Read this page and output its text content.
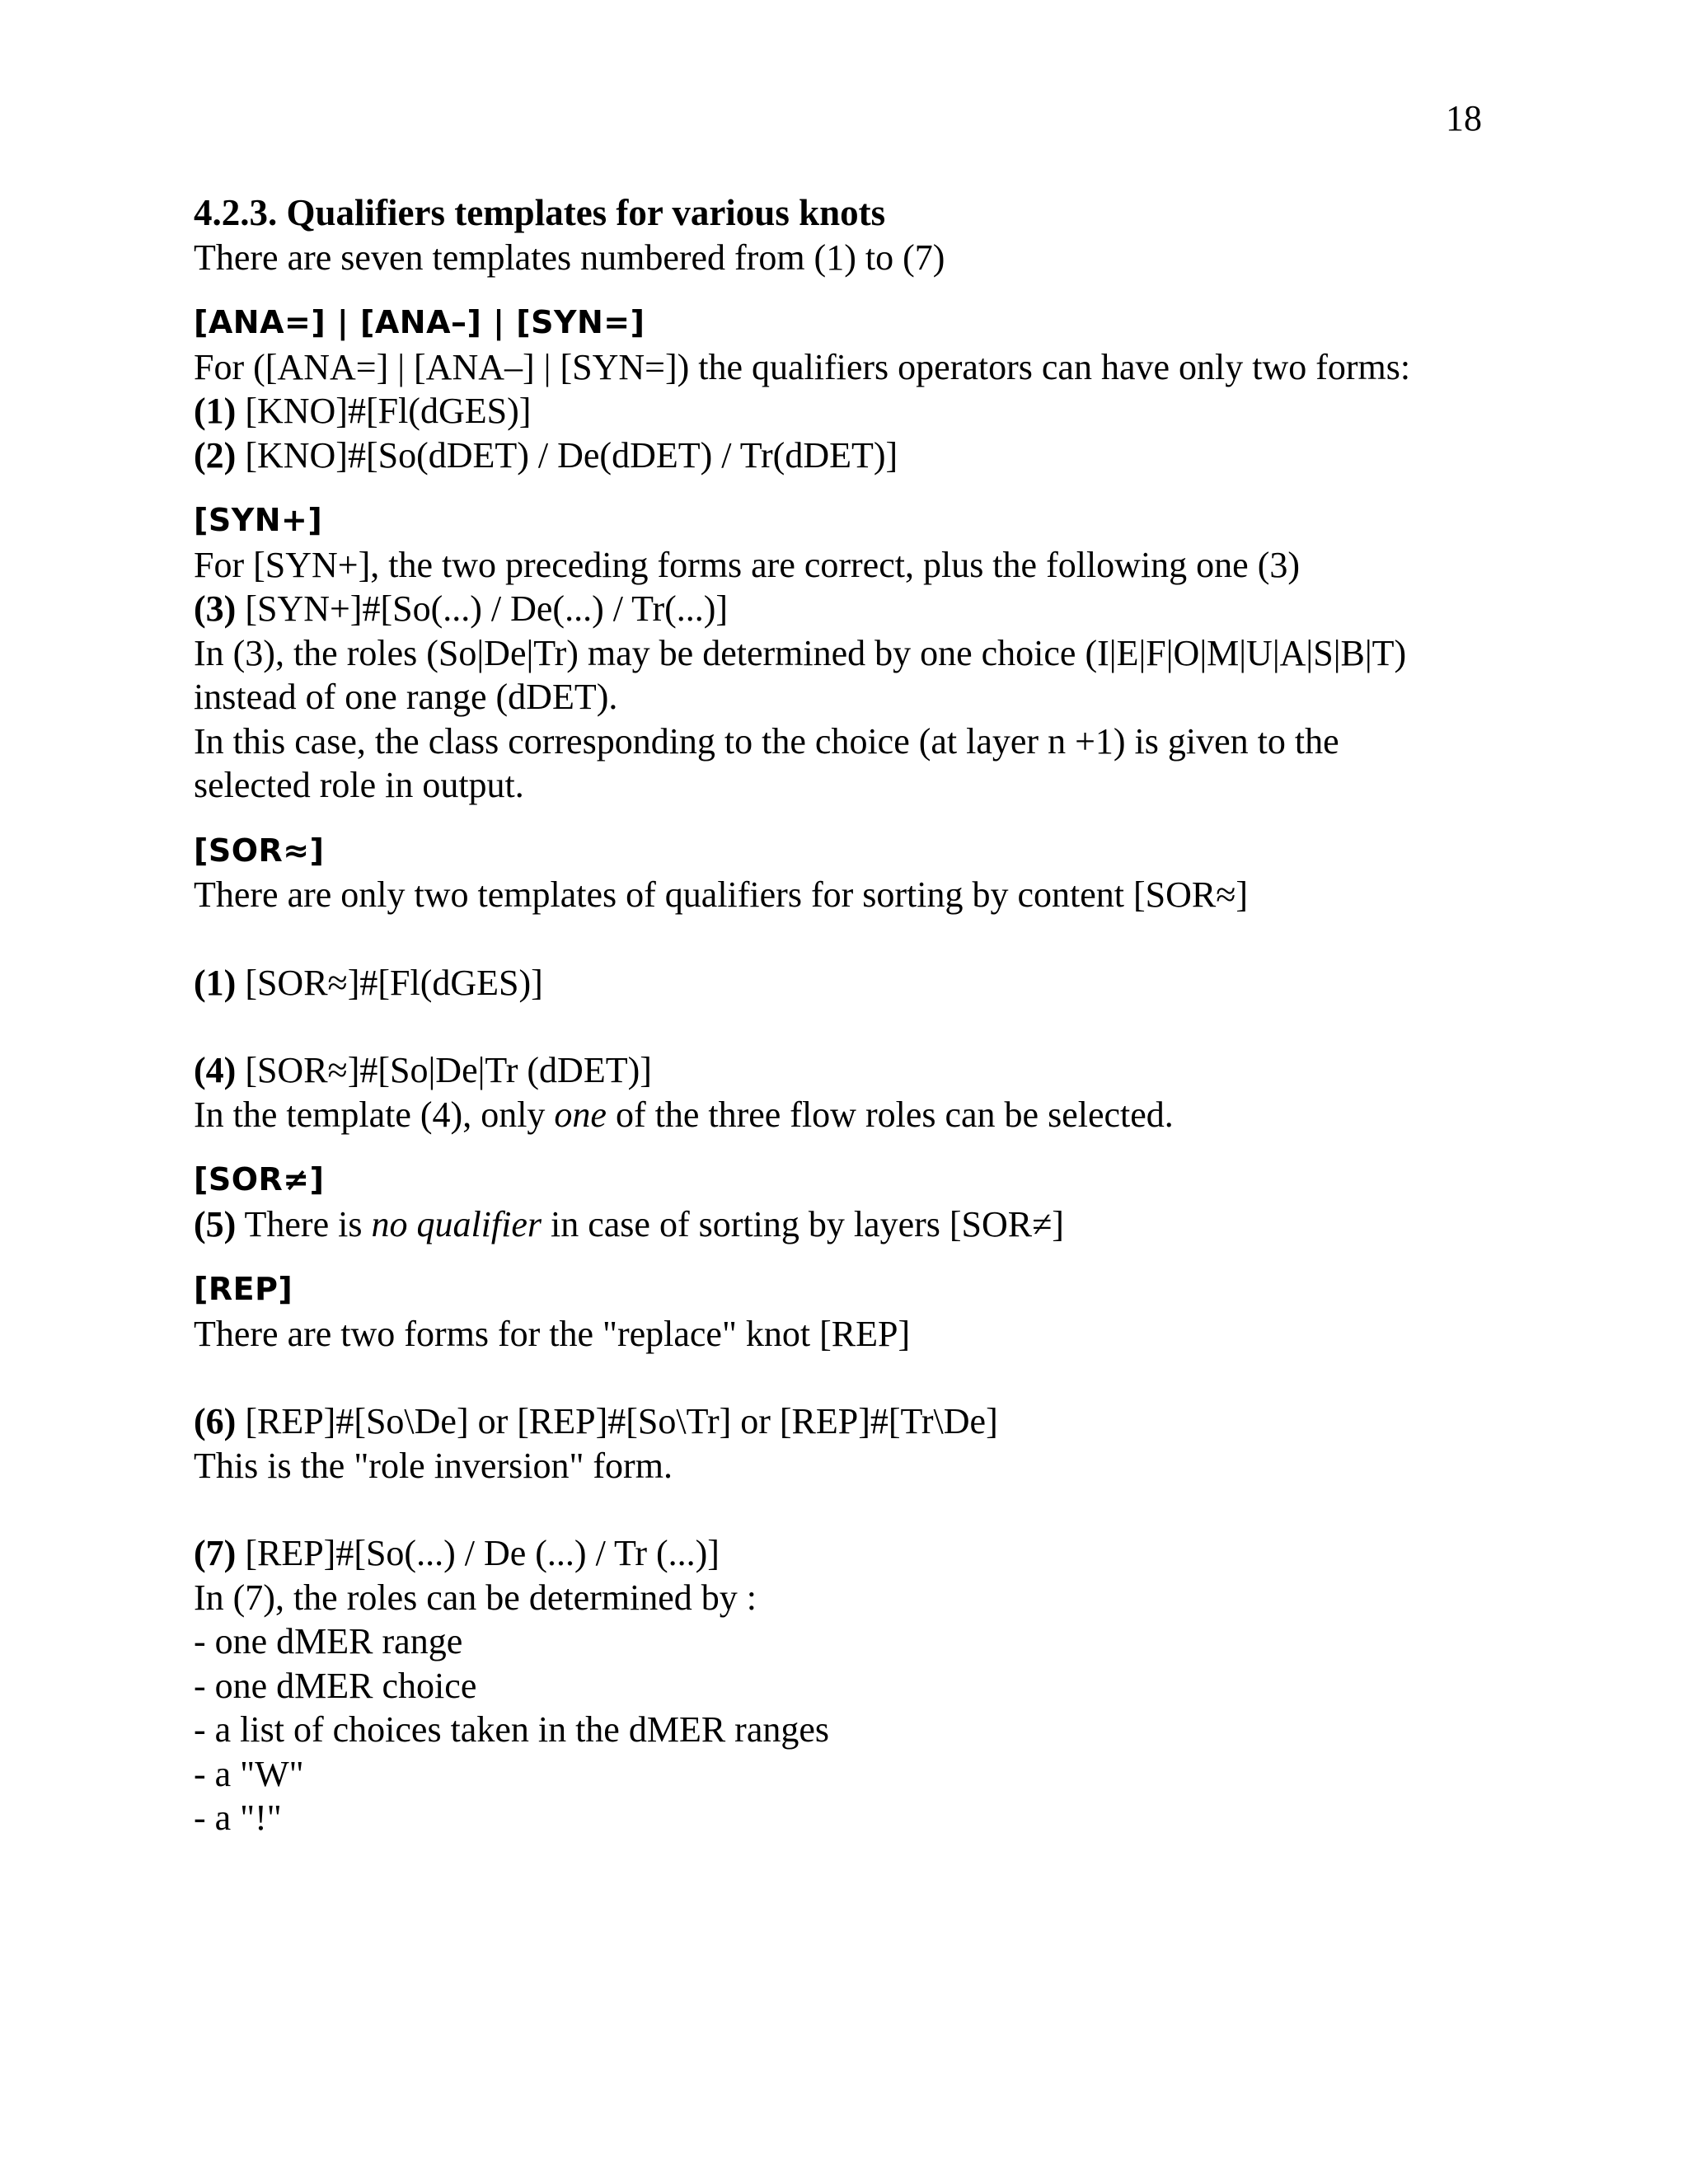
18
4.2.3. Qualifiers templates for various knots
There are seven templates numbered from (1) to (7)
[ANA=] | [ANA–] | [SYN=]
For ([ANA=] | [ANA–] | [SYN=]) the qualifiers operators can have only two forms:
(1) [KNO]#[Fl(dGES)]
(2) [KNO]#[So(dDET) / De(dDET) / Tr(dDET)]
[SYN+]
For [SYN+], the two preceding forms are correct, plus the following one (3)
(3) [SYN+]#[So(...) / De(...) / Tr(...)]
In (3), the roles (So|De|Tr) may be determined by one choice (I|E|F|O|M|U|A|S|B|T)
instead of one range (dDET).
In this case, the class corresponding to the choice (at layer n +1) is given to the
selected role in output.
[SOR≈]
There are only two templates of qualifiers for sorting by content [SOR≈]
(1) [SOR≈]#[Fl(dGES)]
(4) [SOR≈]#[So|De|Tr (dDET)]
In the template (4), only one of the three flow roles can be selected.
[SOR≠]
(5) There is no qualifier in case of sorting by layers [SOR≠]
[REP]
There are two forms for the "replace" knot [REP]
(6) [REP]#[So\De] or [REP]#[So\Tr] or [REP]#[Tr\De]
This is the "role inversion" form.
(7) [REP]#[So(...) / De (...) / Tr (...)]
In (7), the roles can be determined by :
- one dMER range
- one dMER choice
- a list of choices taken in the dMER ranges
- a "W"
- a "!"
